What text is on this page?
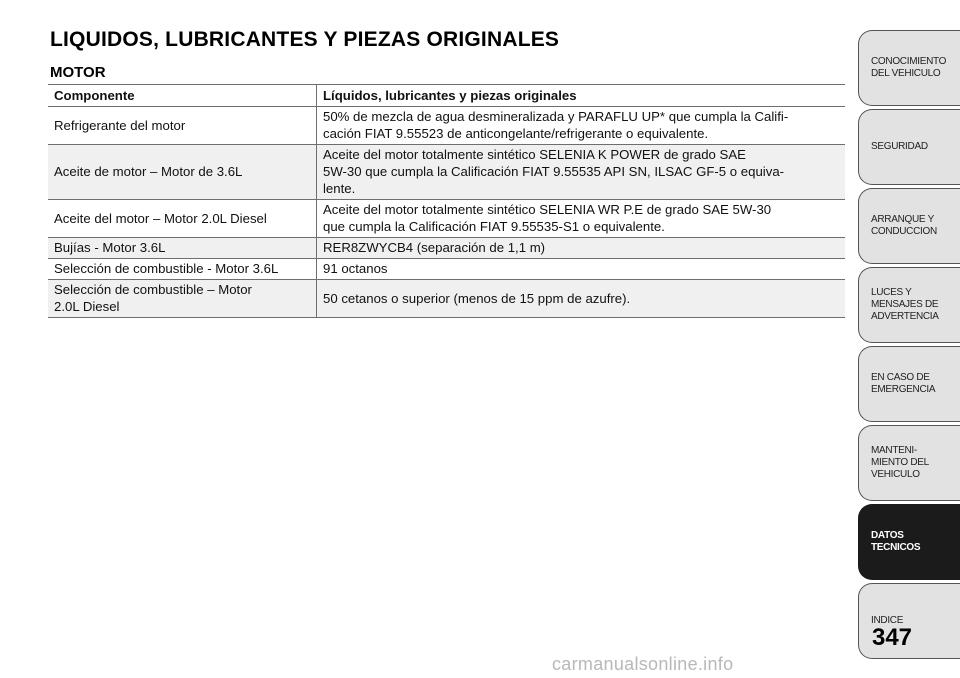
LIQUIDOS, LUBRICANTES Y PIEZAS ORIGINALES
MOTOR
Componente	Líquidos, lubricantes y piezas originales
Refrigerante del motor	50% de mezcla de agua desmineralizada y PARAFLU UP* que cumpla la Califi-
cación FIAT 9.55523 de anticongelante/refrigerante o equivalente.
Aceite de motor – Motor de 3.6L	Aceite del motor totalmente sintético SELENIA K POWER de grado SAE
5W-30 que cumpla la Calificación FIAT 9.55535 API SN, ILSAC GF-5 o equiva-
lente.
Aceite del motor – Motor 2.0L Diesel	Aceite del motor totalmente sintético SELENIA WR P.E de grado SAE 5W-30
que cumpla la Calificación FIAT 9.55535-S1 o equivalente.
Bujías - Motor 3.6L	RER8ZWYCB4 (separación de 1,1 m)
Selección de combustible - Motor 3.6L	91 octanos
Selección de combustible – Motor
2.0L Diesel	50 cetanos o superior (menos de 15 ppm de azufre).
CONOCIMIENTO
DEL VEHICULO
SEGURIDAD
ARRANQUE Y
CONDUCCION
LUCES Y
MENSAJES DE
ADVERTENCIA
EN CASO DE
EMERGENCIA
MANTENI-
MIENTO DEL
VEHICULO
DATOS
TECNICOS
INDICE
347
carmanualsonline.info
